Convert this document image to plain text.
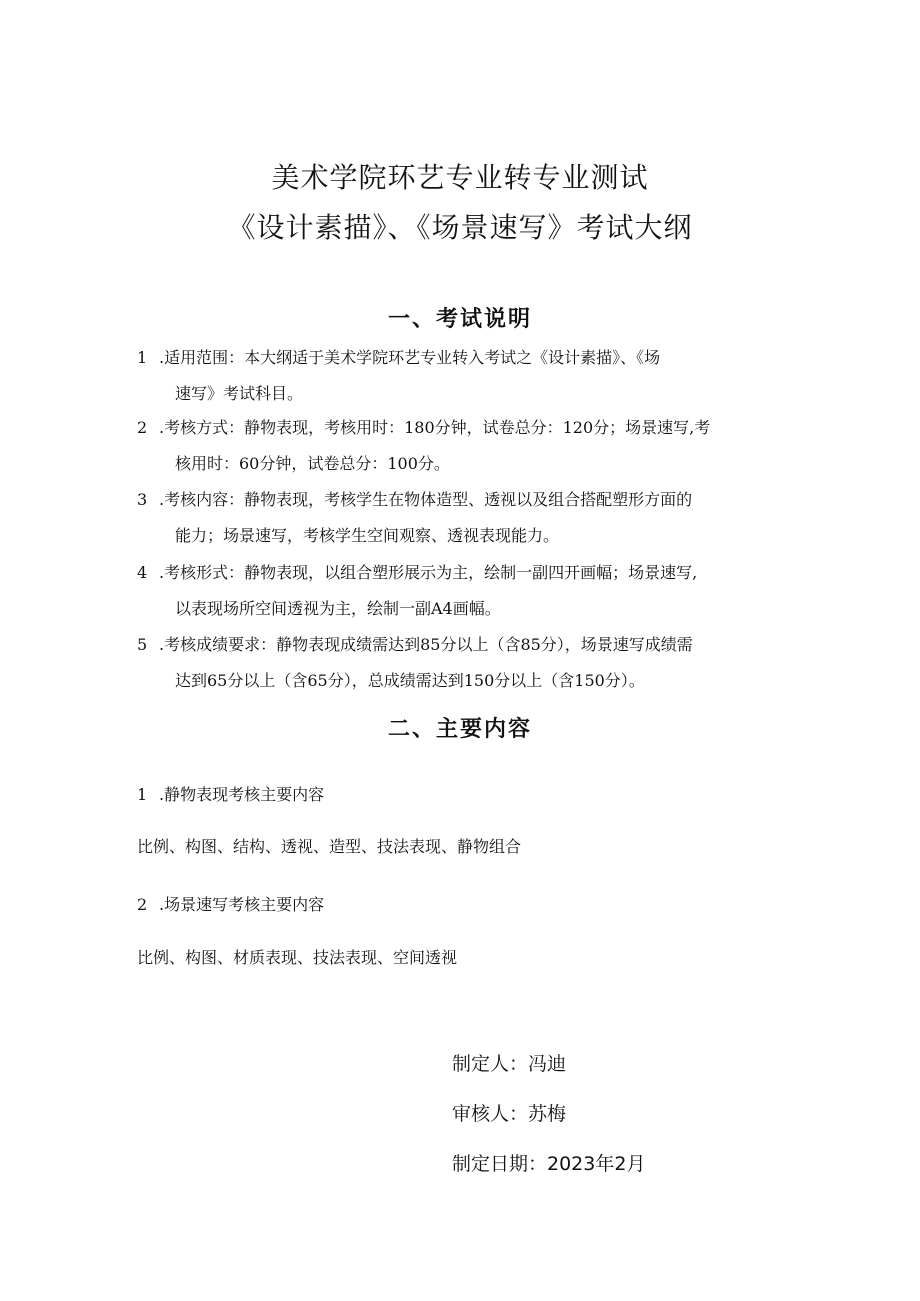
美术学院环艺专业转专业测试
《设计素描》、《场景速写》考试大纲
一、考试说明
1 .适用范围：本大纲适于美术学院环艺专业转入考试之《设计素描》、《场
速写》考试科目。
2 .考核方式：静物表现，考核用时：180分钟，试卷总分：120分；场景速写,考
核用时：60分钟，试卷总分：100分。
3 .考核内容：静物表现，考核学生在物体造型、透视以及组合搭配塑形方面的
能力；场景速写，考核学生空间观察、透视表现能力。
4 .考核形式：静物表现，以组合塑形展示为主，绘制一副四开画幅；场景速写,
以表现场所空间透视为主，绘制一副A4画幅。
5 .考核成绩要求：静物表现成绩需达到85分以上（含85分），场景速写成绩需
达到65分以上（含65分），总成绩需达到150分以上（含150分）。
二、主要内容
1 .静物表现考核主要内容
比例、构图、结构、透视、造型、技法表现、静物组合
2 .场景速写考核主要内容
比例、构图、材质表现、技法表现、空间透视
制定人：冯迪
审核人：苏梅
制定日期：2023年2月
